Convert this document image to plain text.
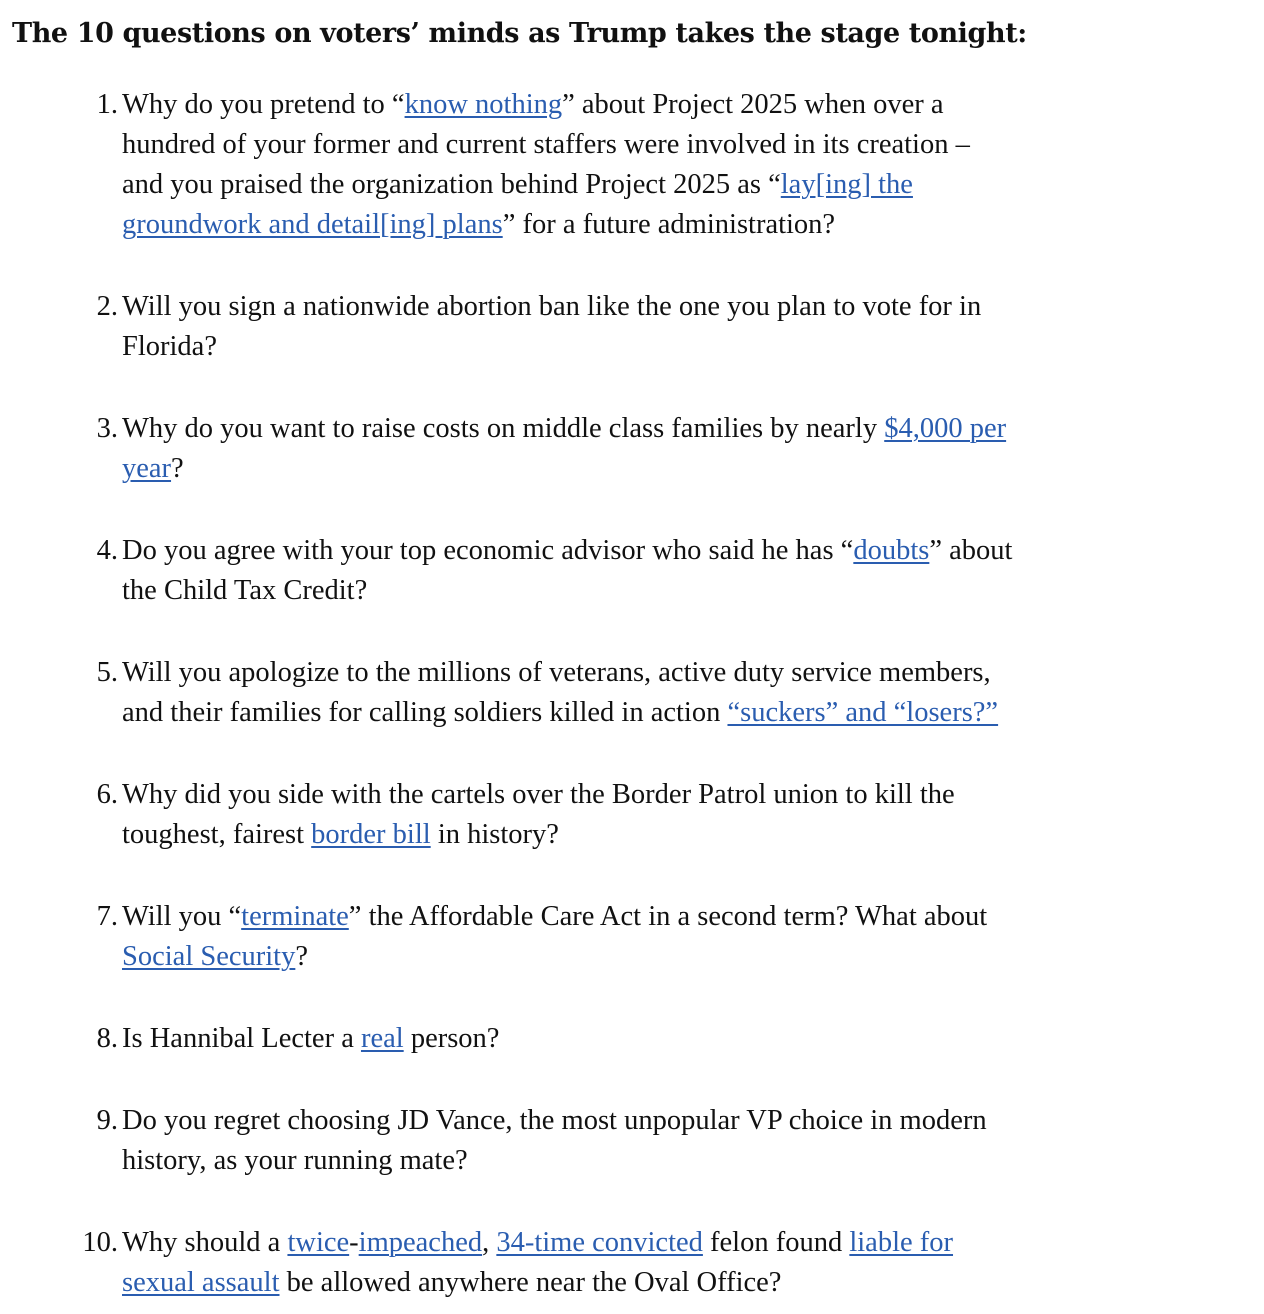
The 10 questions on voters’ minds as Trump takes the stage tonight:
1. Why do you pretend to “know nothing” about Project 2025 when over a
hundred of your former and current staffers were involved in its creation –
and you praised the organization behind Project 2025 as “lay[ing] the
groundwork and detail[ing] plans” for a future administration?
2. Will you sign a nationwide abortion ban like the one you plan to vote for in
Florida?
3. Why do you want to raise costs on middle class families by nearly $4,000 per
year?
4. Do you agree with your top economic advisor who said he has “doubts” about
the Child Tax Credit?
5. Will you apologize to the millions of veterans, active duty service members,
and their families for calling soldiers killed in action “suckers” and “losers?”
6. Why did you side with the cartels over the Border Patrol union to kill the
toughest, fairest border bill in history?
7. Will you “terminate” the Affordable Care Act in a second term? What about
Social Security?
8. Is Hannibal Lecter a real person?
9. Do you regret choosing JD Vance, the most unpopular VP choice in modern
history, as your running mate?
10. Why should a twice-impeached, 34-time convicted felon found liable for
sexual assault be allowed anywhere near the Oval Office?
